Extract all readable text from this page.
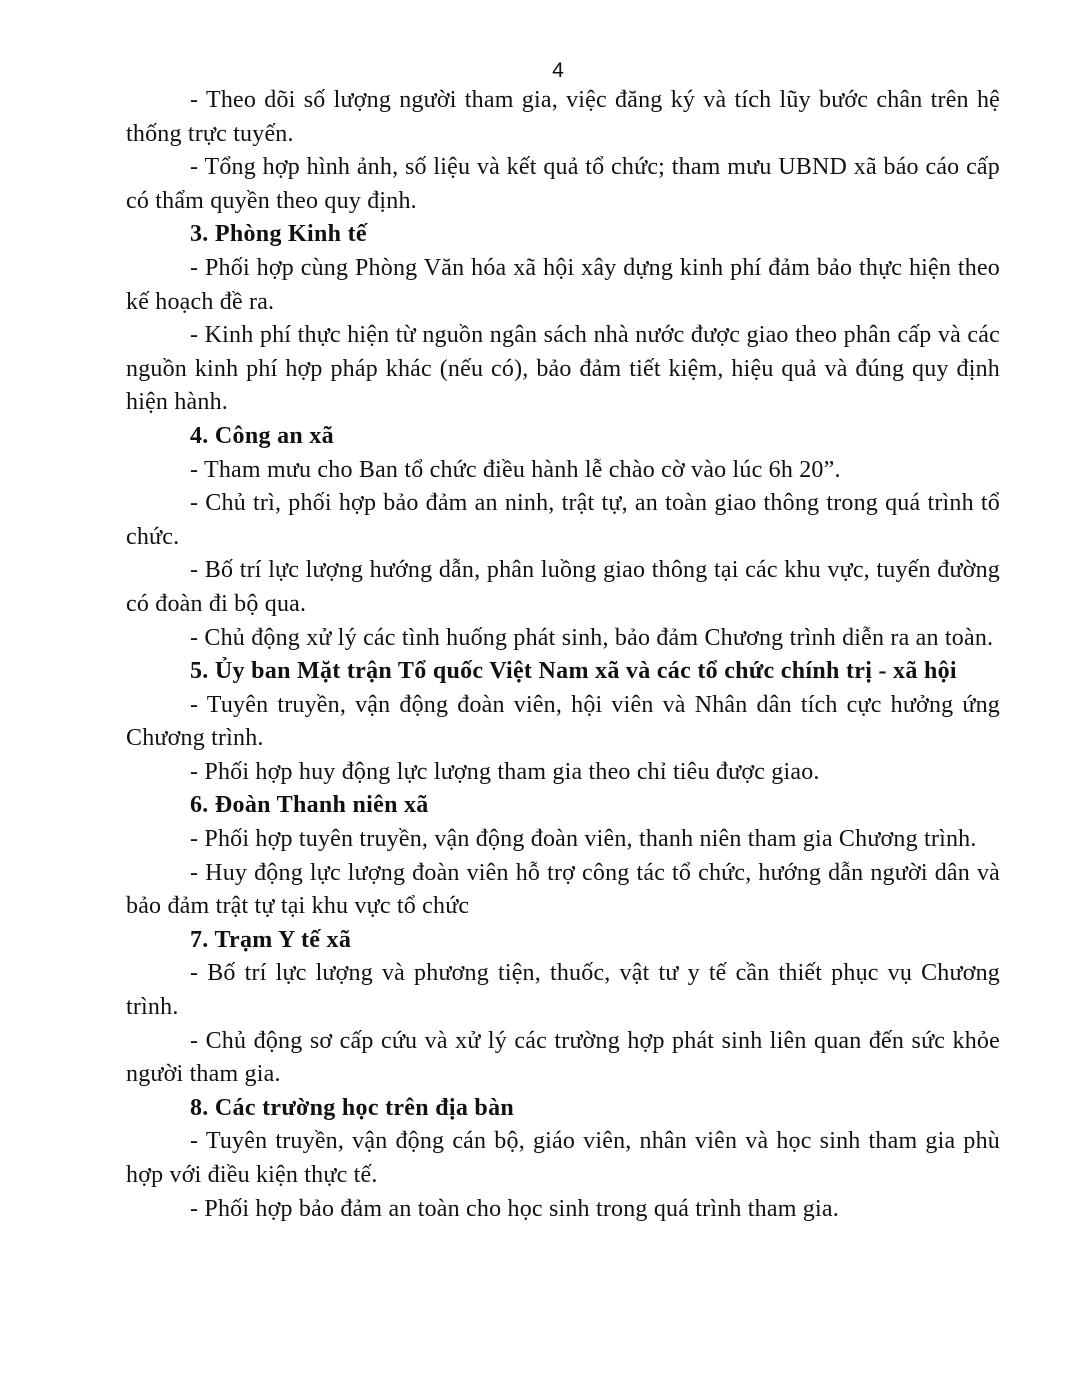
4

- Theo dõi số lượng người tham gia, việc đăng ký và tích lũy bước chân trên hệ thống trực tuyến.

- Tổng hợp hình ảnh, số liệu và kết quả tổ chức; tham mưu UBND xã báo cáo cấp có thẩm quyền theo quy định.

3. Phòng Kinh tế

- Phối hợp cùng Phòng Văn hóa xã hội xây dựng kinh phí đảm bảo thực hiện theo kế hoạch đề ra.

- Kinh phí thực hiện từ nguồn ngân sách nhà nước được giao theo phân cấp và các nguồn kinh phí hợp pháp khác (nếu có), bảo đảm tiết kiệm, hiệu quả và đúng quy định hiện hành.

4. Công an xã

- Tham mưu cho Ban tổ chức điều hành lễ chào cờ vào lúc 6h 20”.

- Chủ trì, phối hợp bảo đảm an ninh, trật tự, an toàn giao thông trong quá trình tổ chức.

- Bố trí lực lượng hướng dẫn, phân luồng giao thông tại các khu vực, tuyến đường có đoàn đi bộ qua.

- Chủ động xử lý các tình huống phát sinh, bảo đảm Chương trình diễn ra an toàn.

5. Ủy ban Mặt trận Tổ quốc Việt Nam xã và các tổ chức chính trị - xã hội

- Tuyên truyền, vận động đoàn viên, hội viên và Nhân dân tích cực hưởng ứng Chương trình.

- Phối hợp huy động lực lượng tham gia theo chỉ tiêu được giao.

6. Đoàn Thanh niên xã

- Phối hợp tuyên truyền, vận động đoàn viên, thanh niên tham gia Chương trình.

- Huy động lực lượng đoàn viên hỗ trợ công tác tổ chức, hướng dẫn người dân và bảo đảm trật tự tại khu vực tổ chức

7. Trạm Y tế xã

- Bố trí lực lượng và phương tiện, thuốc, vật tư y tế cần thiết phục vụ Chương trình.

- Chủ động sơ cấp cứu và xử lý các trường hợp phát sinh liên quan đến sức khỏe người tham gia.

8. Các trường học trên địa bàn

- Tuyên truyền, vận động cán bộ, giáo viên, nhân viên và học sinh tham gia phù hợp với điều kiện thực tế.

- Phối hợp bảo đảm an toàn cho học sinh trong quá trình tham gia.
